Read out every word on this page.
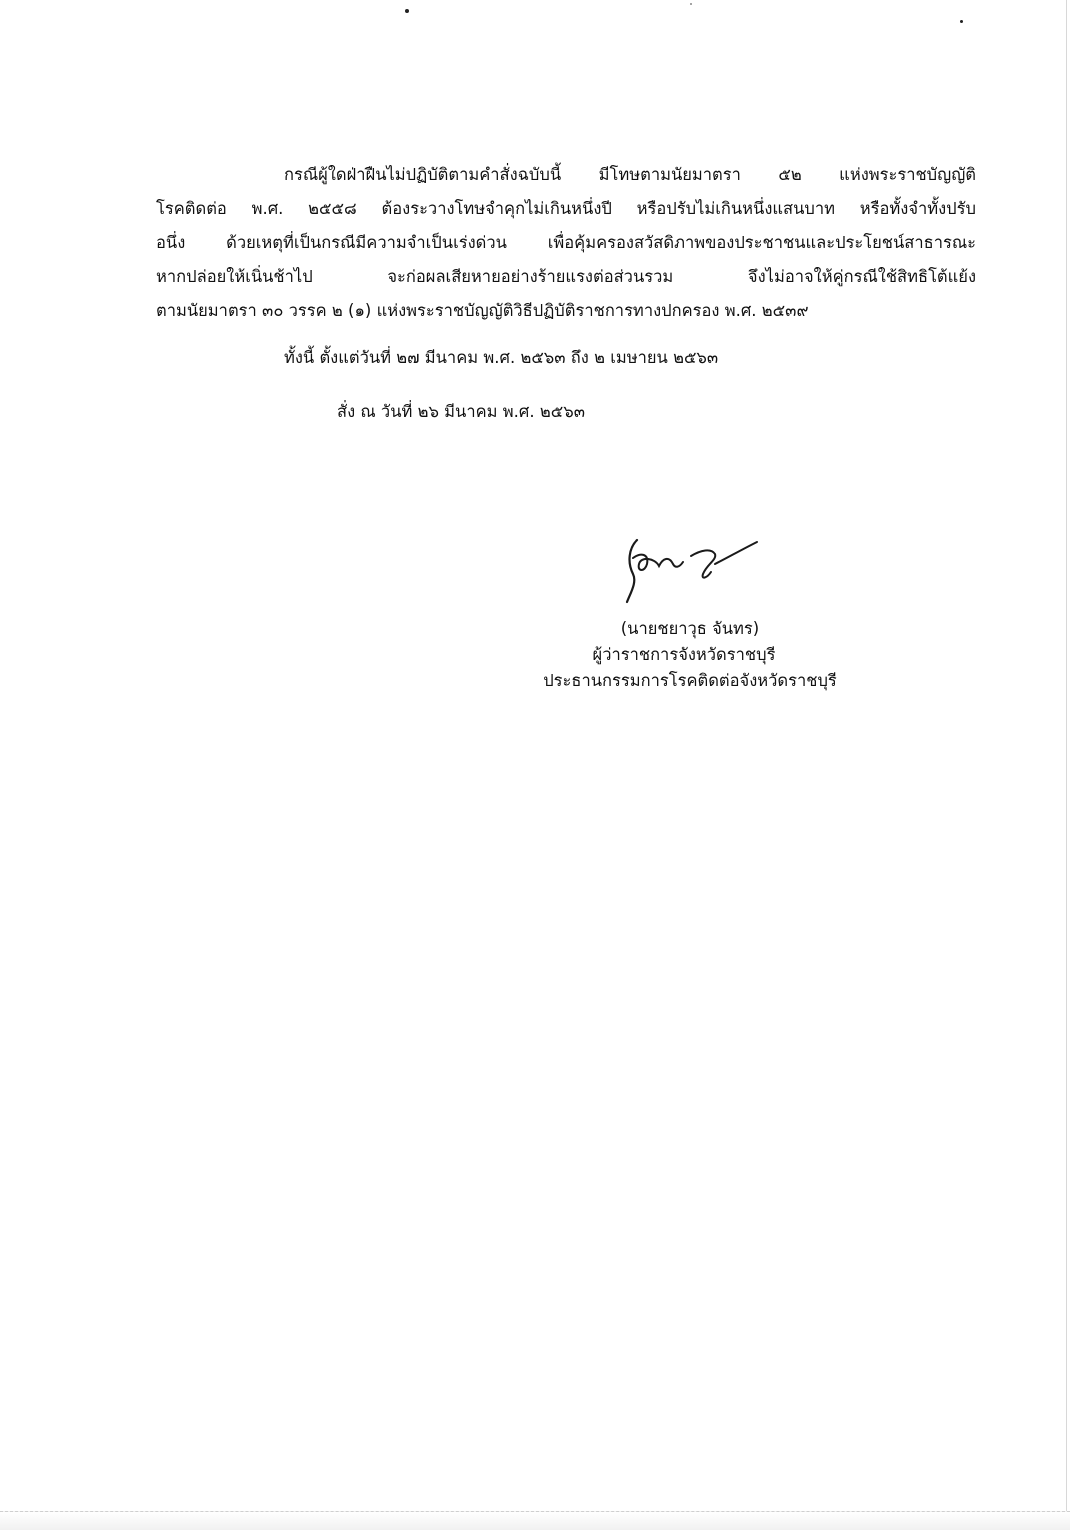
กรณีผู้ใดฝ่าฝืนไม่ปฏิบัติตามคำสั่งฉบับนี้ มีโทษตามนัยมาตรา ๕๒ แห่งพระราชบัญญัติ
โรคติดต่อ พ.ศ. ๒๕๕๘ ต้องระวางโทษจำคุกไม่เกินหนึ่งปี หรือปรับไม่เกินหนึ่งแสนบาท หรือทั้งจำทั้งปรับ
อนึ่ง ด้วยเหตุที่เป็นกรณีมีความจำเป็นเร่งด่วน เพื่อคุ้มครองสวัสดิภาพของประชาชนและประโยชน์สาธารณะ
หากปล่อยให้เนิ่นช้าไป จะก่อผลเสียหายอย่างร้ายแรงต่อส่วนรวม จึงไม่อาจให้คู่กรณีใช้สิทธิโต้แย้ง
ตามนัยมาตรา ๓๐ วรรค ๒ (๑) แห่งพระราชบัญญัติวิธีปฏิบัติราชการทางปกครอง พ.ศ. ๒๕๓๙
ทั้งนี้ ตั้งแต่วันที่ ๒๗ มีนาคม พ.ศ. ๒๕๖๓ ถึง ๒ เมษายน ๒๕๖๓
สั่ง ณ วันที่ ๒๖ มีนาคม พ.ศ. ๒๕๖๓
(นายชยาวุธ จันทร)
ผู้ว่าราชการจังหวัดราชบุรี
ประธานกรรมการโรคติดต่อจังหวัดราชบุรี
